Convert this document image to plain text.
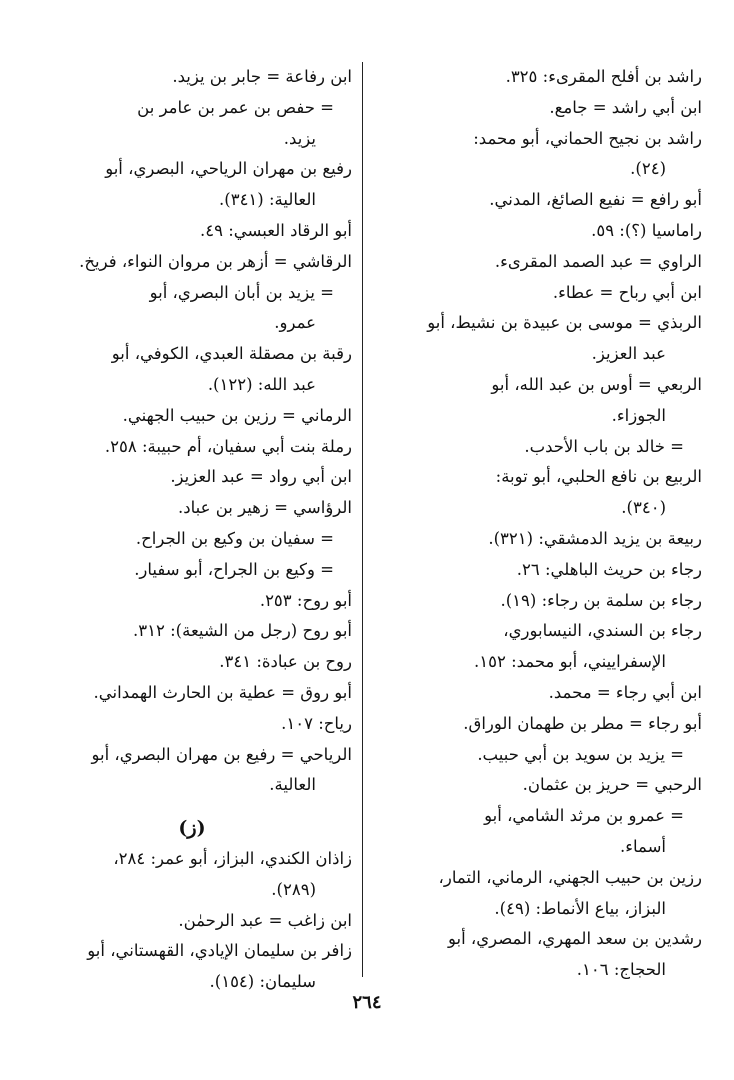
راشد بن أفلح المقرىء: ٣٢٥.

ابن أبي راشد = جامع.

راشد بن نجيح الحماني، أبو محمد:
(٢٤).

أبو رافع = نفيع الصائغ، المدني.

راماسيا (؟): ٥٩.

الراوي = عبد الصمد المقرىء.

ابن أبي رباح = عطاء.

الربذي = موسى بن عبيدة بن نشيط، أبو
عبد العزيز.

الربعي = أوس بن عبد الله، أبو
الجوزاء.

= خالد بن باب الأحدب.

الربيع بن نافع الحلبي، أبو توبة:
(٣٤٠).

ربيعة بن يزيد الدمشقي: (٣٢١).

رجاء بن حريث الباهلي: ٢٦.

رجاء بن سلمة بن رجاء: (١٩).

رجاء بن السندي، النيسابوري،
الإسفراييني، أبو محمد: ١٥٢.

ابن أبي رجاء = محمد.

أبو رجاء = مطر بن طهمان الوراق.

= يزيد بن سويد بن أبي حبيب.

الرحبي = حريز بن عثمان.

= عمرو بن مرثد الشامي، أبو
أسماء.

رزين بن حبيب الجهني، الرماني، التمار،
البزاز، بياع الأنماط: (٤٩).

رشدين بن سعد المهري، المصري، أبو
الحجاج: ١٠٦.

ابن رفاعة = جابر بن يزيد.

= حفص بن عمر بن عامر بن
يزيد.

رفيع بن مهران الرياحي، البصري، أبو
العالية: (٣٤١).

أبو الرقاد العبسي: ٤٩.

الرقاشي = أزهر بن مروان النواء، فريخ.

= يزيد بن أبان البصري، أبو
عمرو.

رقبة بن مصقلة العبدي، الكوفي، أبو
عبد الله: (١٢٢).

الرماني = رزين بن حبيب الجهني.

رملة بنت أبي سفيان، أم حبيبة: ٢٥٨.

ابن أبي رواد = عبد العزيز.

الرؤاسي = زهير بن عباد.

= سفيان بن وكيع بن الجراح.

= وكيع بن الجراح، أبو سفيار.

أبو روح: ٢٥٣.

أبو روح (رجل من الشيعة): ٣١٢.

روح بن عبادة: ٣٤١.

أبو روق = عطية بن الحارث الهمداني.

رياح: ١٠٧.

الرياحي = رفيع بن مهران البصري، أبو
العالية.

(ز)

زاذان الكندي، البزاز، أبو عمر: ٢٨٤،
(٢٨٩).

ابن زاغب = عبد الرحمٰن.

زافر بن سليمان الإيادي، القهستاني، أبو
سليمان: (١٥٤).

٢٦٤
